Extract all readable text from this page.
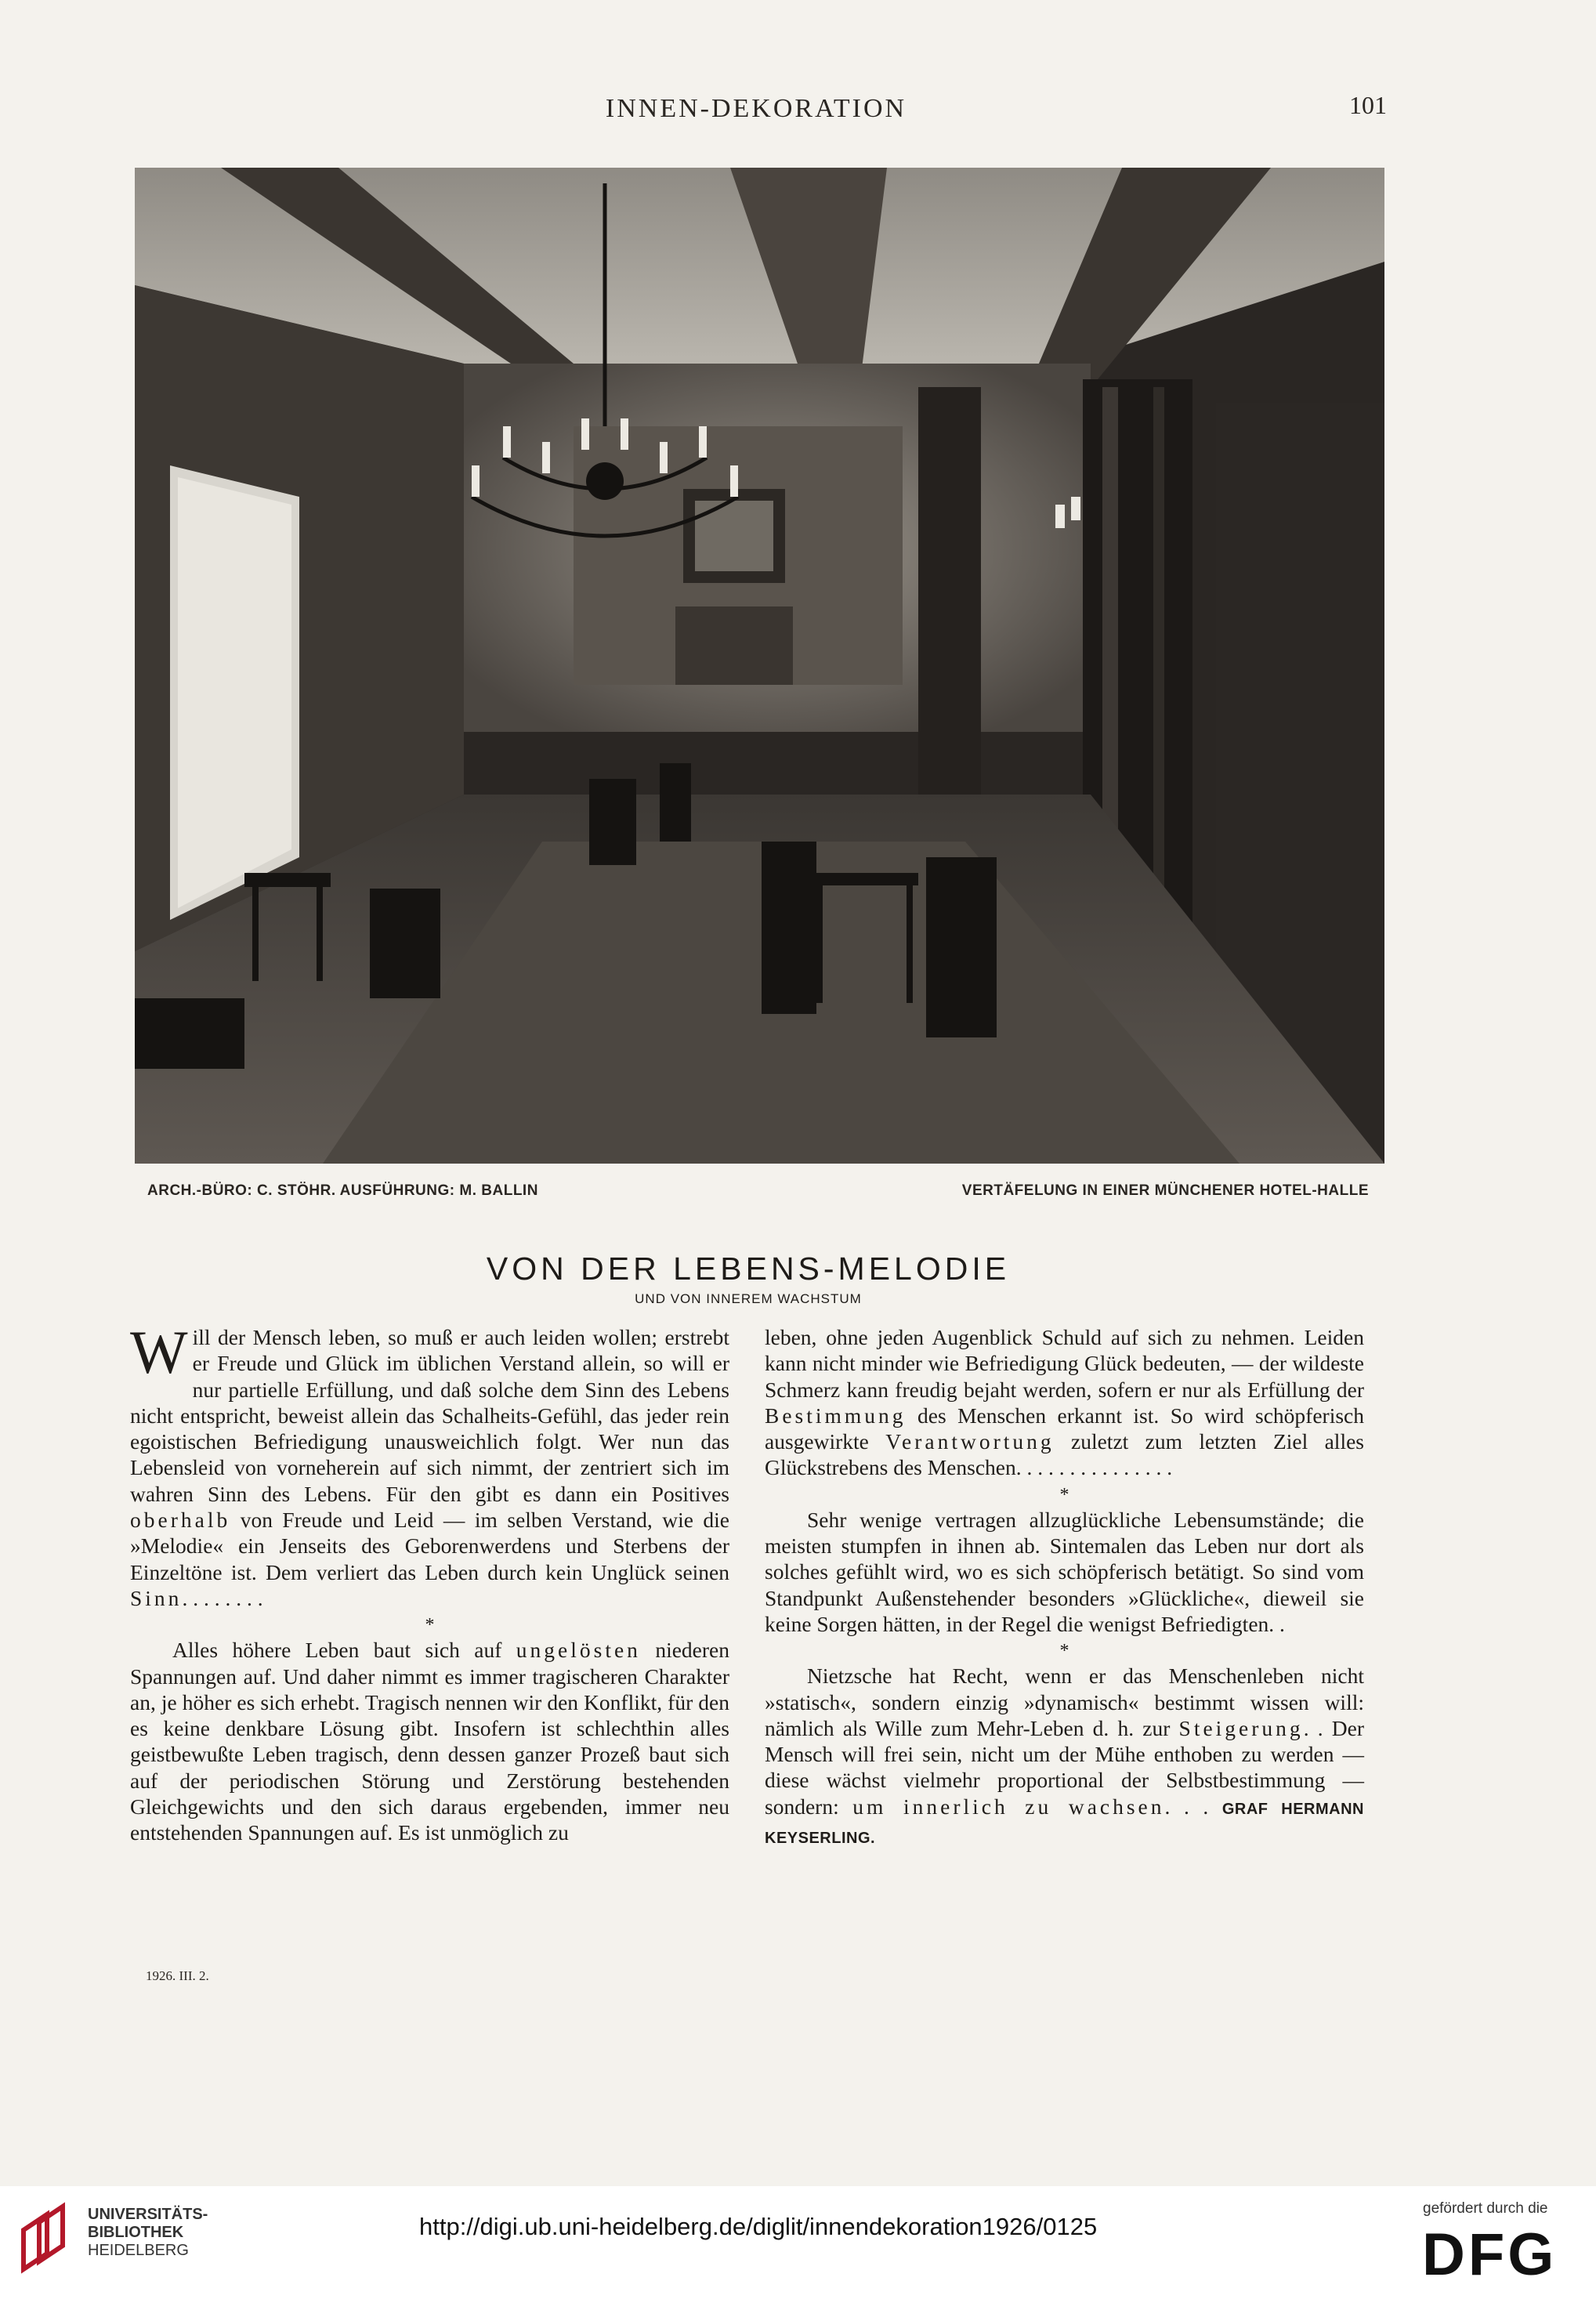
INNEN-DEKORATION	101
ARCH.-BÜRO: C. STÖHR. AUSFÜHRUNG: M. BALLIN	VERTÄFELUNG IN EINER MÜNCHENER HOTEL-HALLE
VON DER LEBENS-MELODIE
UND VON INNEREM WACHSTUM

Will der Mensch leben, so muß er auch leiden wollen; erstrebt er Freude und Glück im üblichen Verstand allein, so will er nur partielle Erfüllung, und daß solche dem Sinn des Lebens nicht entspricht, beweist allein das Schalheits-Gefühl, das jeder rein egoistischen Befriedigung unausweichlich folgt. Wer nun das Lebensleid von vorneherein auf sich nimmt, der zentriert sich im wahren Sinn des Lebens. Für den gibt es dann ein Positives oberhalb von Freude und Leid — im selben Verstand, wie die »Melodie« ein Jenseits des Geborenwerdens und Sterbens der Einzeltöne ist. Dem verliert das Leben durch kein Unglück seinen Sinn. . . . . . . .

*

Alles höhere Leben baut sich auf ungelösten niederen Spannungen auf. Und daher nimmt es immer tragischeren Charakter an, je höher es sich erhebt. Tragisch nennen wir den Konflikt, für den es keine denkbare Lösung gibt. Insofern ist schlechthin alles geistbewußte Leben tragisch, denn dessen ganzer Prozeß baut sich auf der periodischen Störung und Zerstörung bestehenden Gleichgewichts und den sich daraus ergebenden, immer neu entstehenden Spannungen auf. Es ist unmöglich zu

leben, ohne jeden Augenblick Schuld auf sich zu nehmen. Leiden kann nicht minder wie Befriedigung Glück bedeuten, — der wildeste Schmerz kann freudig bejaht werden, sofern er nur als Erfüllung der Bestimmung des Menschen erkannt ist. So wird schöpferisch ausgewirkte Verantwortung zuletzt zum letzten Ziel alles Glückstrebens des Menschen. . . . . . . . . . . . . . .

*

Sehr wenige vertragen allzuglückliche Lebensumstände; die meisten stumpfen in ihnen ab. Sintemalen das Leben nur dort als solches gefühlt wird, wo es sich schöpferisch betätigt. So sind vom Standpunkt Außenstehender besonders »Glückliche«, dieweil sie keine Sorgen hätten, in der Regel die wenigst Befriedigten. .

*

Nietzsche hat Recht, wenn er das Menschenleben nicht »statisch«, sondern einzig »dynamisch« bestimmt wissen will: nämlich als Wille zum Mehr-Leben d. h. zur Steigerung. . Der Mensch will frei sein, nicht um der Mühe enthoben zu werden — diese wächst vielmehr proportional der Selbstbestimmung — sondern: um innerlich zu wachsen. . . GRAF HERMANN KEYSERLING.

1926. III. 2.
UNIVERSITÄTS-
BIBLIOTHEK
HEIDELBERG
http://digi.ub.uni-heidelberg.de/diglit/innendekoration1926/0125
gefördert durch die
DFG
